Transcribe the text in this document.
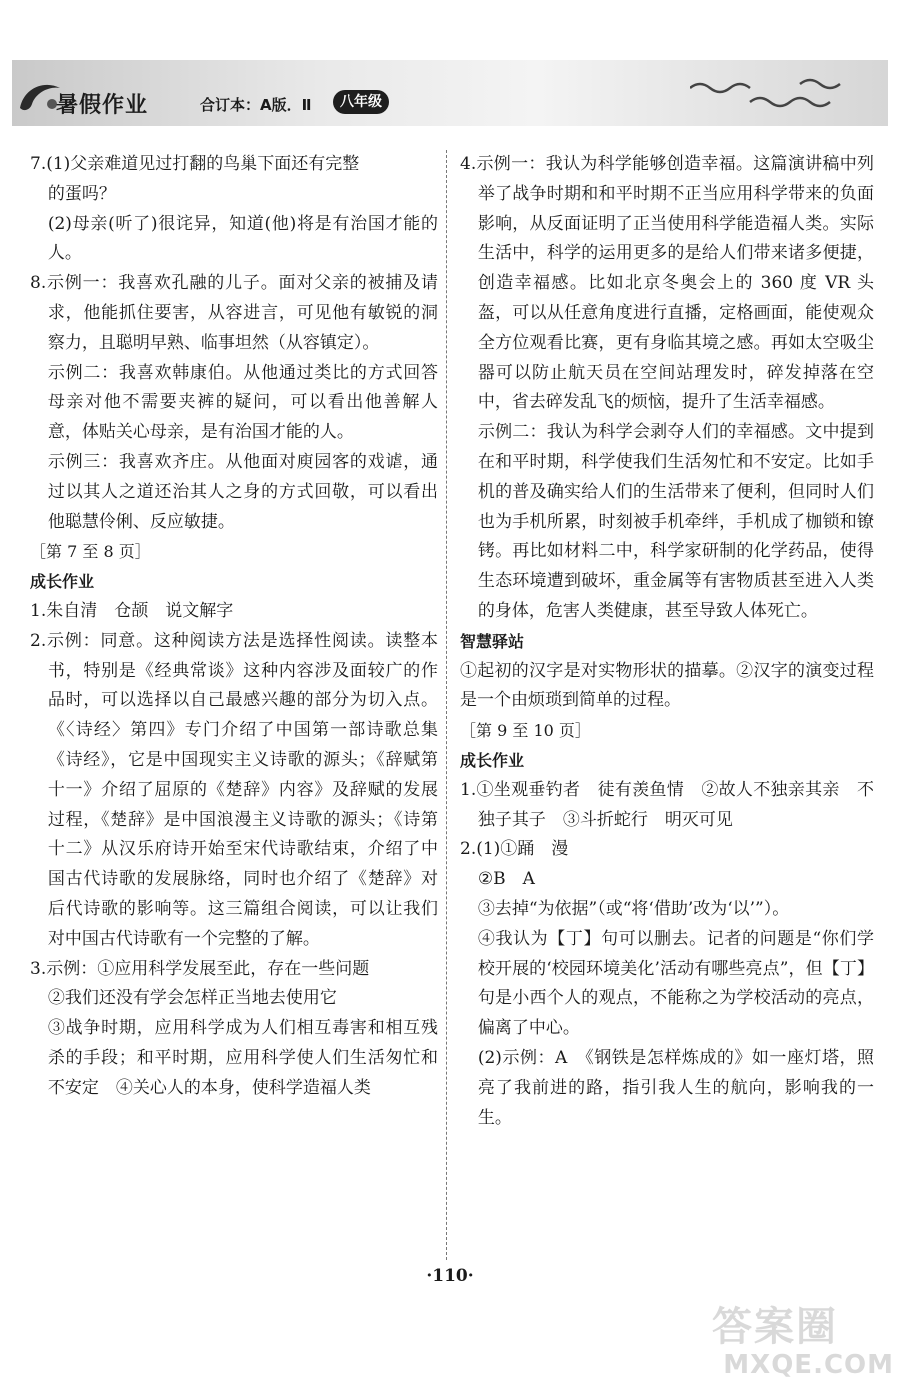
暑假作业	合订本：A版．Ⅱ	八年级

7.(1)父亲难道见过打翻的鸟巢下面还有完整

的蛋吗？

(2)母亲(听了)很诧异，知道(他)将是有治国才能的人。

8.示例一：我喜欢孔融的儿子。面对父亲的被捕及请求，他能抓住要害，从容进言，可见他有敏锐的洞察力，且聪明早熟、临事坦然（从容镇定）。

示例二：我喜欢韩康伯。从他通过类比的方式回答母亲对他不需要夹裤的疑问，可以看出他善解人意，体贴关心母亲，是有治国才能的人。

示例三：我喜欢齐庄。从他面对庾园客的戏谑，通过以其人之道还治其人之身的方式回敬，可以看出他聪慧伶俐、反应敏捷。

［第 7 至 8 页］

成长作业

1.朱自清　仓颉　说文解字

2.示例：同意。这种阅读方法是选择性阅读。读整本书，特别是《经典常谈》这种内容涉及面较广的作品时，可以选择以自己最感兴趣的部分为切入点。《〈诗经〉第四》专门介绍了中国第一部诗歌总集《诗经》，它是中国现实主义诗歌的源头；《辞赋第十一》介绍了屈原的《楚辞》内容》及辞赋的发展过程，《楚辞》是中国浪漫主义诗歌的源头；《诗第十二》从汉乐府诗开始至宋代诗歌结束，介绍了中国古代诗歌的发展脉络，同时也介绍了《楚辞》对后代诗歌的影响等。这三篇组合阅读，可以让我们对中国古代诗歌有一个完整的了解。

3.示例：①应用科学发展至此，存在一些问题

②我们还没有学会怎样正当地去使用它

③战争时期，应用科学成为人们相互毒害和相互残杀的手段；和平时期，应用科学使人们生活匆忙和不安定　④关心人的本身，使科学造福人类

4.示例一：我认为科学能够创造幸福。这篇演讲稿中列举了战争时期和和平时期不正当应用科学带来的负面影响，从反面证明了正当使用科学能造福人类。实际生活中，科学的运用更多的是给人们带来诸多便捷，创造幸福感。比如北京冬奥会上的 360 度 VR 头盔，可以从任意角度进行直播，定格画面，能使观众全方位观看比赛，更有身临其境之感。再如太空吸尘器可以防止航天员在空间站理发时，碎发掉落在空中，省去碎发乱飞的烦恼，提升了生活幸福感。

示例二：我认为科学会剥夺人们的幸福感。文中提到在和平时期，科学使我们生活匆忙和不安定。比如手机的普及确实给人们的生活带来了便利，但同时人们也为手机所累，时刻被手机牵绊，手机成了枷锁和镣铐。再比如材料二中，科学家研制的化学药品，使得生态环境遭到破坏，重金属等有害物质甚至进入人类的身体，危害人类健康，甚至导致人体死亡。

智慧驿站

①起初的汉字是对实物形状的描摹。②汉字的演变过程是一个由烦琐到简单的过程。

［第 9 至 10 页］

成长作业

1.①坐观垂钓者　徒有羡鱼情　②故人不独亲其亲　不独子其子　③斗折蛇行　明灭可见

2.(1)①踊　漫

②B　A

③去掉“为依据”（或“将‘借助’改为‘以’”）。

④我认为【丁】句可以删去。记者的问题是“你们学校开展的‘校园环境美化’活动有哪些亮点”，但【丁】句是小西个人的观点，不能称之为学校活动的亮点，偏离了中心。

(2)示例：A　《钢铁是怎样炼成的》如一座灯塔，照亮了我前进的路，指引我人生的航向，影响我的一生。

·110·
答案圈
MXQE.COM
